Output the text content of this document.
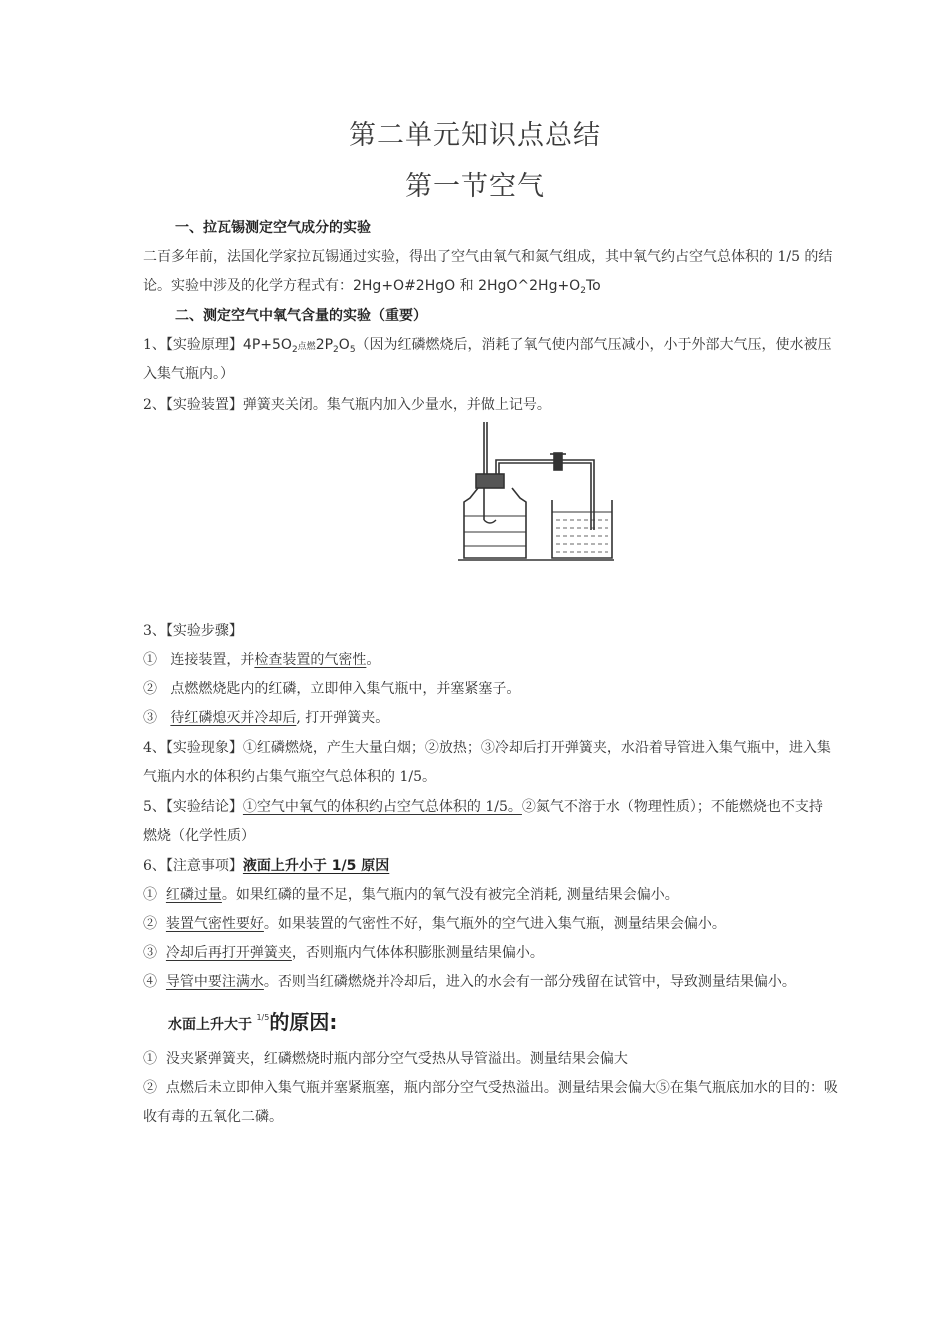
第二单元知识点总结
第一节空气
一、拉瓦锡测定空气成分的实验
二百多年前，法国化学家拉瓦锡通过实验，得出了空气由氧气和氮气组成，其中氧气约占空气总体积的 1/5 的结
论。实验中涉及的化学方程式有：2Hg+O#2HgO 和 $2HgO\^{}2Hg+O_2To$
二、测定空气中氧气含量的实验（重要）
1、【实验原理】$4P+5O_2$点燃$2P_2O_5$（因为红磷燃烧后，消耗了氧气使内部气压减小，小于外部大气压，使水被压
入集气瓶内。）
2、【实验装置】弹簧夹关闭。集气瓶内加入少量水，并做上记号。
3、【实验步骤】
① 连接装置，并检查装置的气密性。
② 点燃燃烧匙内的红磷，立即伸入集气瓶中，并塞紧塞子。
③ 待红磷熄灭并冷却后, 打开弹簧夹。
4、【实验现象】①红磷燃烧，产生大量白烟；②放热；③冷却后打开弹簧夹，水沿着导管进入集气瓶中，进入集
气瓶内水的体积约占集气瓶空气总体积的 1/5。
5、【实验结论】①空气中氧气的体积约占空气总体积的 1/5。②氮气不溶于水（物理性质）；不能燃烧也不支持
燃烧（化学性质）
6、【注意事项】液面上升小于 1/5 原因
① 红磷过量。如果红磷的量不足，集气瓶内的氧气没有被完全消耗, 测量结果会偏小。
② 装置气密性要好。如果装置的气密性不好，集气瓶外的空气进入集气瓶，测量结果会偏小。
③ 冷却后再打开弹簧夹，否则瓶内气体体积膨胀测量结果偏小。
④ 导管中要注满水。否则当红磷燃烧并冷却后，进入的水会有一部分残留在试管中，导致测量结果偏小。
水面上升大于 $^{1/5}$的原因:
① 没夹紧弹簧夹，红磷燃烧时瓶内部分空气受热从导管溢出。测量结果会偏大
② 点燃后未立即伸入集气瓶并塞紧瓶塞，瓶内部分空气受热溢出。测量结果会偏大⑤在集气瓶底加水的目的：吸
收有毒的五氧化二磷。
